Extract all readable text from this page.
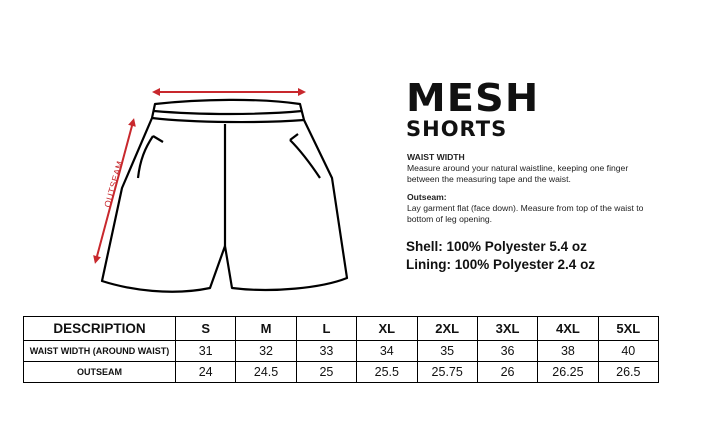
OUTSEAM
MESH
SHORTS
WAIST WIDTH
Measure around your natural waistline, keeping one finger between the measuring tape and the waist.
Outseam:
Lay garment flat (face down). Measure from top of the waist to bottom of leg opening.
Shell: 100% Polyester 5.4 oz
Lining: 100% Polyester 2.4 oz
DESCRIPTION	S	M	L	XL	2XL	3XL	4XL	5XL
WAIST WIDTH (AROUND WAIST)	31	32	33	34	35	36	38	40
OUTSEAM	24	24.5	25	25.5	25.75	26	26.25	26.5
